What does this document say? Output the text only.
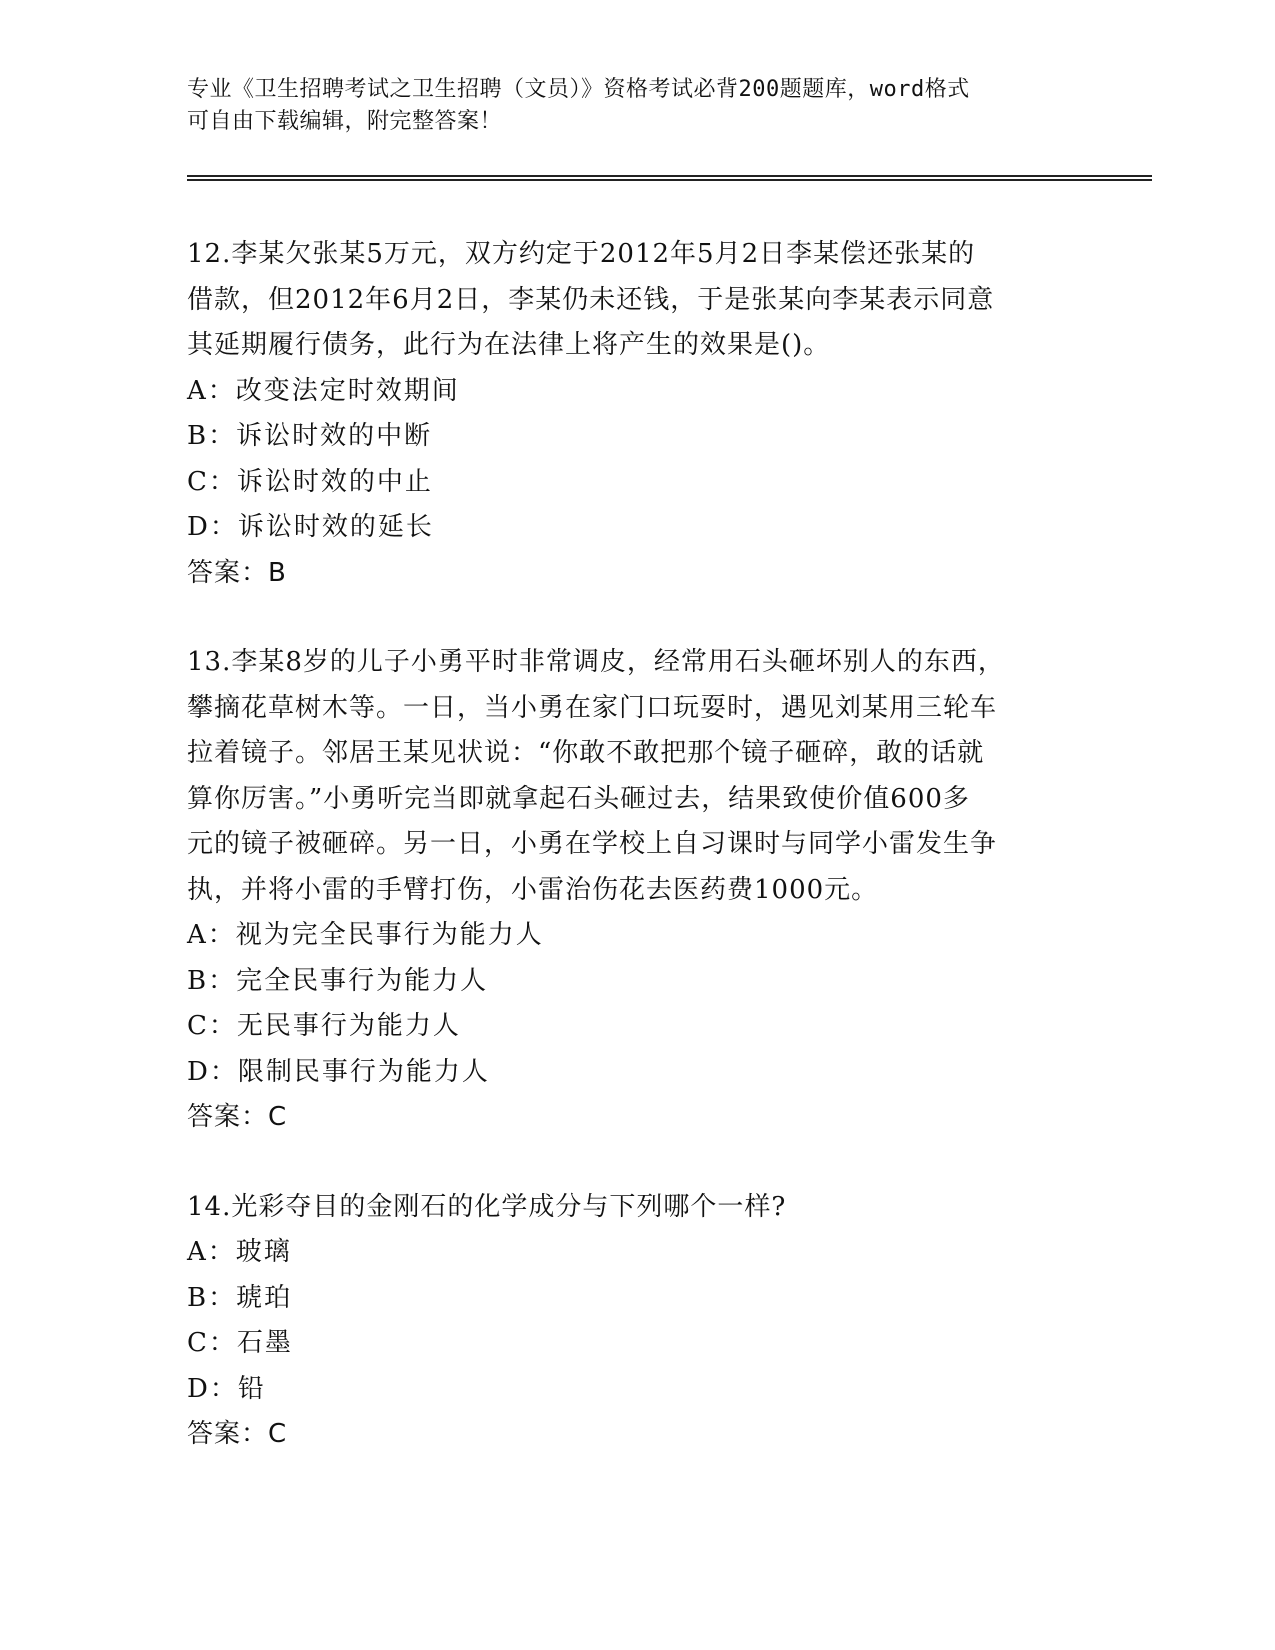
专业《卫生招聘考试之卫生招聘（文员）》资格考试必背200题题库，word格式
可自由下载编辑，附完整答案！
12.李某欠张某5万元，双方约定于2012年5月2日李某偿还张某的
借款，但2012年6月2日，李某仍未还钱，于是张某向李某表示同意
其延期履行债务，此行为在法律上将产生的效果是()。
A：改变法定时效期间
B：诉讼时效的中断
C：诉讼时效的中止
D：诉讼时效的延长
答案：B
13.李某8岁的儿子小勇平时非常调皮，经常用石头砸坏别人的东西，
攀摘花草树木等。一日，当小勇在家门口玩耍时，遇见刘某用三轮车
拉着镜子。邻居王某见状说：“你敢不敢把那个镜子砸碎，敢的话就
算你厉害。”小勇听完当即就拿起石头砸过去，结果致使价值600多
元的镜子被砸碎。另一日，小勇在学校上自习课时与同学小雷发生争
执，并将小雷的手臂打伤，小雷治伤花去医药费1000元。
A：视为完全民事行为能力人
B：完全民事行为能力人
C：无民事行为能力人
D：限制民事行为能力人
答案：C
14.光彩夺目的金刚石的化学成分与下列哪个一样?
A：玻璃
B：琥珀
C：石墨
D：铅
答案：C
